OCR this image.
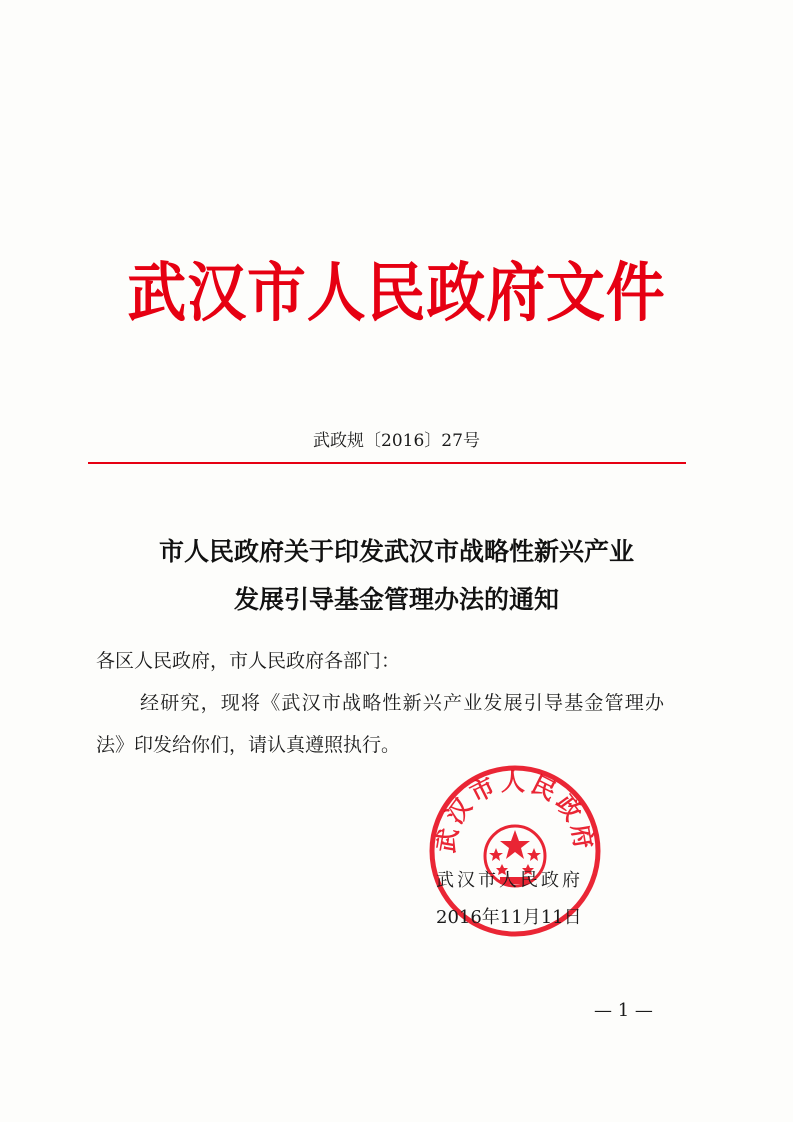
武汉市人民政府文件
武政规〔2016〕27号
市人民政府关于印发武汉市战略性新兴产业
发展引导基金管理办法的通知
各区人民政府，市人民政府各部门：
经研究，现将《武汉市战略性新兴产业发展引导基金管理办
法》印发给你们，请认真遵照执行。
武汉市人民政府
武汉市人民政府
2016年11月11日
— 1 —
